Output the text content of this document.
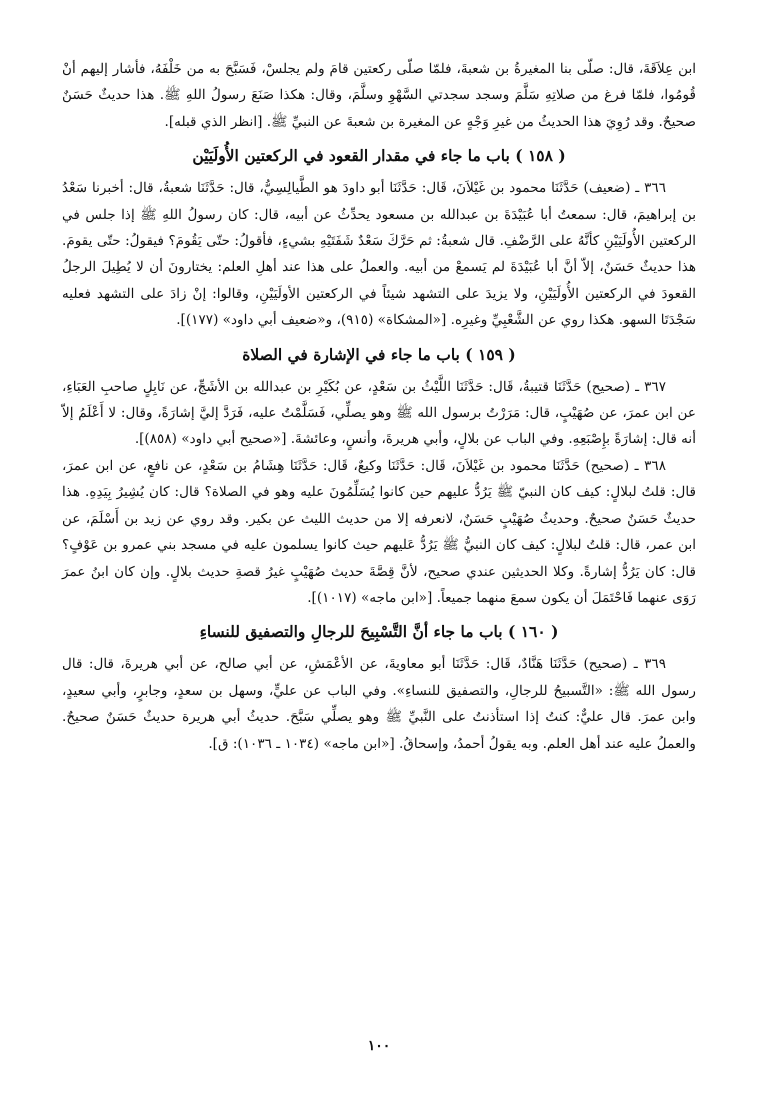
ابن عِلاَقَةَ، قال: صلّى بنا المغيرةُ بن شعبةَ، فلمّا صلّى ركعتين قامَ ولم يجلسْ، فَسَبَّحَ به من خَلْفَهُ، فأشار إليهم أنْ قُومُوا، فلمّا فرغ من صلاتِهِ سَلَّمَ وسجد سجدتي السَّهْوِ وسلَّمَ، وقال: هكذا صَنَعَ رسولُ اللهِ ﷺ. هذا حديثٌ حَسَنٌ صحيحٌ. وقد رُوِيَ هذا الحديثُ من غيرِ وَجْهٍ عن المغيرة بن شعبةَ عن النبيِّ ﷺ. [انظر الذي قبله].

( ١٥٨ ) باب ما جاء في مقدار القعود في الركعتين الأُولَيَيْن

٣٦٦ ـ (ضعيف) حَدَّثَنَا محمود بن غَيْلاَنَ، قَال: حَدَّثَنَا أبو داودَ هو الطَّيالِسِيُّ، قال: حَدَّثَنَا شعبةُ، قال: أخبرنا سَعْدُ بن إبراهيمَ، قال: سمعتُ أبا عُبَيْدَةَ بن عبدالله بن مسعود يحدِّثُ عن أبيه، قال: كان رسولُ اللهِ ﷺ إذا جلس في الركعتين الأُولَيَيْنِ كأنَّهُ على الرَّضْفِ. قال شعبةُ: ثم حَرَّكَ سَعْدٌ شَفَتَيْهِ بشيءٍ، فأقولُ: حتّى يَقُومَ؟ فيقولُ: حتّى يقومَ. هذا حديثٌ حَسَنٌ، إلاّ أنَّ أبا عُبَيْدَةَ لم يَسمعْ من أبيه. والعملُ على هذا عند أهلِ العلم: يختارونَ أن لا يُطِيلَ الرجلُ القعودَ في الركعتين الأُولَيَيْنِ، ولا يزيدَ على التشهد شيئاً في الركعتين الأولَيَيْنِ، وقالوا: إنْ زادَ على التشهد فعليه سَجْدَتَا السهو. هكذا روي عن الشَّعْبِيِّ وغيرِه. [«المشكاة» (٩١٥)، و«ضعيف أبي داود» (١٧٧)].

( ١٥٩ ) باب ما جاء في الإشارة في الصلاة

٣٦٧ ـ (صحيح) حَدَّثَنَا قتيبةُ، قَال: حَدَّثَنَا اللَّيْثُ بن سَعْدٍ، عن بُكَيْرِ بن عبدالله بن الأشَجِّ، عن نَابِلٍ صاحبِ العَبَاءِ، عن ابن عمرَ، عن صُهَيْبٍ، قال: مَرَرْتُ برسول الله ﷺ وهو يصلِّي، فَسَلَّمْتُ عليه، فَرَدَّ إليَّ إشارَةً، وقال: لا أَعْلَمُ إلاّ أنه قال: إشارَةً بإِصْبَعِهِ. وفي الباب عن بلالٍ، وأبي هريرةَ، وأنسٍ، وعائشةَ. [«صحيح أبي داود» (٨٥٨)].

٣٦٨ ـ (صحيح) حَدَّثَنَا محمود بن غَيْلاَنَ، قَال: حَدَّثَنَا وكيعٌ، قَال: حَدَّثَنَا هِشَامُ بن سَعْدٍ، عن نافعٍ، عن ابن عمرَ، قال: قلتُ لبلالٍ: كيف كان النبيّ ﷺ يَرُدُّ عليهم حين كانوا يُسَلِّمُونَ عليه وهو في الصلاة؟ قال: كان يُشِيرُ بِيَدِهِ. هذا حديثٌ حَسَنٌ صحيحٌ. وحديثُ صُهَيْبٍ حَسَنٌ، لانعرفه إلا من حديث الليث عن بكير. وقد روي عن زيد بن أَسْلَمَ، عن ابن عمر، قال: قلتُ لبلالٍ: كيف كان النبيُّ ﷺ يَرُدُّ عَليهم حيث كانوا يسلمون عليه في مسجد بني عمرو بن عَوْفٍ؟ قال: كان يَرُدُّ إشارةً. وكلا الحديثين عندي صحيح، لأنَّ قِصَّةَ حديث صُهَيْبٍ غيرُ قصةِ حديث بلالٍ. وإن كان ابنُ عمرَ رَوَى عنهما فَاحْتَمَلَ أن يكون سمعَ منهما جميعاً. [«ابن ماجه» (١٠١٧)].

( ١٦٠ ) باب ما جاء أنَّ التَّسْبِيحَ للرجالِ والتصفيق للنساءِ

٣٦٩ ـ (صحيح) حَدَّثَنَا هَنَّادٌ، قَال: حَدَّثَنَا أبو معاويةَ، عن الأعْمَشِ، عن أبي صالح، عن أبي هريرةَ، قال: قال رسول الله ﷺ: «التَّسبيحُ للرجالِ، والتصفيق للنساءِ». وفي الباب عن عليٍّ، وسهل بن سعدٍ، وجابرٍ، وأبي سعيدٍ، وابن عمرَ. قال عليٌّ: كنتُ إذا استأذنتُ على النَّبيِّ ﷺ وهو يصلِّي سَبَّحَ. حديثُ أبي هريرة حديثٌ حَسَنٌ صحيحٌ. والعملُ عليه عند أهل العلم. وبه يقولُ أحمدُ، وإسحاقُ. [«ابن ماجه» (١٠٣٤ ـ ١٠٣٦): ق].

١٠٠
